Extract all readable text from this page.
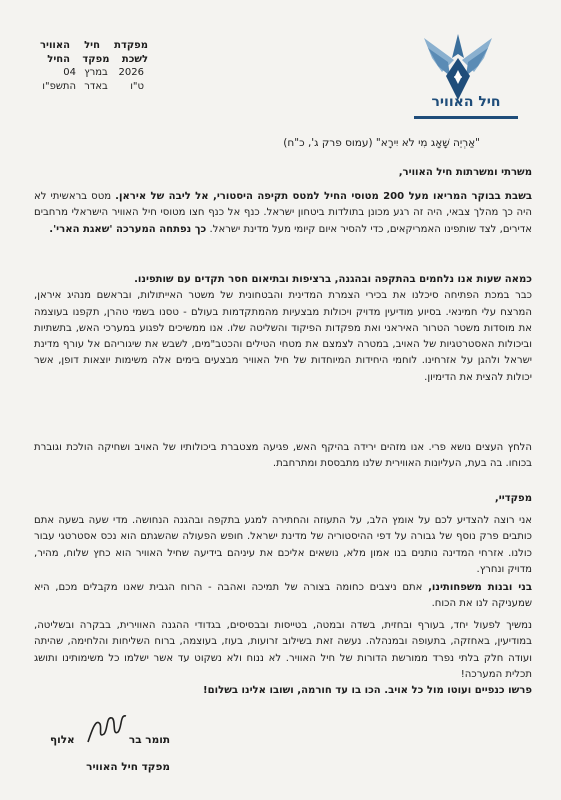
חיל האוויר
מפקדת
חיל
האוויר
לשכת
מפקד
החיל
2026
במרץ
04
ט"ו
באדר
התשפ"ו
"אַרְיֵה שָׁאָג מִי לֹא יִירָא" (עמוס פרק ג', כ"ח)
משרתי ומשרתות חיל האוויר,
בשבת בבוקר המריאו מעל 200 מטוסי החיל למטס תקיפה היסטורי, אל ליבה של איראן. מטס בראשיתי לא היה כך מהלך צבאי, היה זה רגע מכונן בתולדות ביטחון ישראל. כנף אל כנף חצו מטוסי חיל האוויר הישראלי מרחבים אדירים, לצד שותפינו האמריקאים, כדי להסיר איום קיומי מעל מדינת ישראל. כך נפתחה המערכה 'שאגת הארי'.
כמאה שעות אנו נלחמים בהתקפה ובהגנה, ברציפות ובתיאום חסר תקדים עם שותפינו.
כבר במכת הפתיחה סיכלנו את בכירי הצמרת המדינית והבטחונית של משטר האייתולות, ובראשם מנהיג איראן, המרצח עלי חמינאי. בסיוע מודיעין מדויק ויכולות מבצעיות מהמתקדמות בעולם - טסנו בשמי טהרן, תקפנו בעוצמה את מוסדות משטר הטרור האיראני ואת מפקדות הפיקוד והשליטה שלו. אנו ממשיכים לפגוע במערכי האש, בתשתיות וביכולות האסטרטגיות של האויב, במטרה לצמצם את מטחי הטילים והכטב"מים, לשבש את שיגוריהם אל עורף מדינת ישראל ולהגן על אזרחינו. לוחמי היחידות המיוחדות של חיל האוויר מבצעים בימים אלה משימות יוצאות דופן, אשר יכולות להצית את הדימיון.
הלחץ העצים נושא פרי. אנו מזהים ירידה בהיקף האש, פגיעה מצטברת ביכולותיו של האויב ושחיקה הולכת וגוברת בכוחו. בה בעת, העליונות האווירית שלנו מתבססת ומתרחבת.
מפקדיי,
אני רוצה להצדיע לכם על אומץ הלב, על התעוזה והחתירה למגע בתקפה ובהגנה הנחושה. מדי שעה בשעה אתם כותבים פרק נוסף של גבורה על דפי ההיסטוריה של מדינת ישראל. חופש הפעולה שהשגתם הוא נכס אסטרטגי עבור כולנו. אזרחי המדינה נותנים בנו אמון מלא, נושאים אליכם את עיניהם בידיעה שחיל האוויר הוא כחץ שלוח, מהיר, מדויק ונחרץ.
בני ובנות משפחותינו, אתם ניצבים כחומה בצורה של תמיכה ואהבה - הרוח הגבית שאנו מקבלים מכם, היא שמעניקה לנו את הכוח.
נמשיך לפעול יחד, בעורף ובחזית, בשדה ובמטה, בטייסות ובבסיסים, בגדודי ההגנה האווירית, בבקרה ובשליטה, במודיעין, באחזקה, בתעופה ובמנהלה. נעשה זאת בשילוב זרועות, בעוז, בעוצמה, ברוח השליחות והלחימה, שהיתה ועודה חלק בלתי נפרד ממורשת הדורות של חיל האוויר. לא ננוח ולא נשקוט עד אשר ישלמו כל משימותינו ותושג תכלית המערכה!
פרשו כנפיים ועוטו מול כל אויב. הכו בו עד חורמה, ושובו אלינו בשלום!
תומר בר
אלוף
מפקד חיל האוויר
